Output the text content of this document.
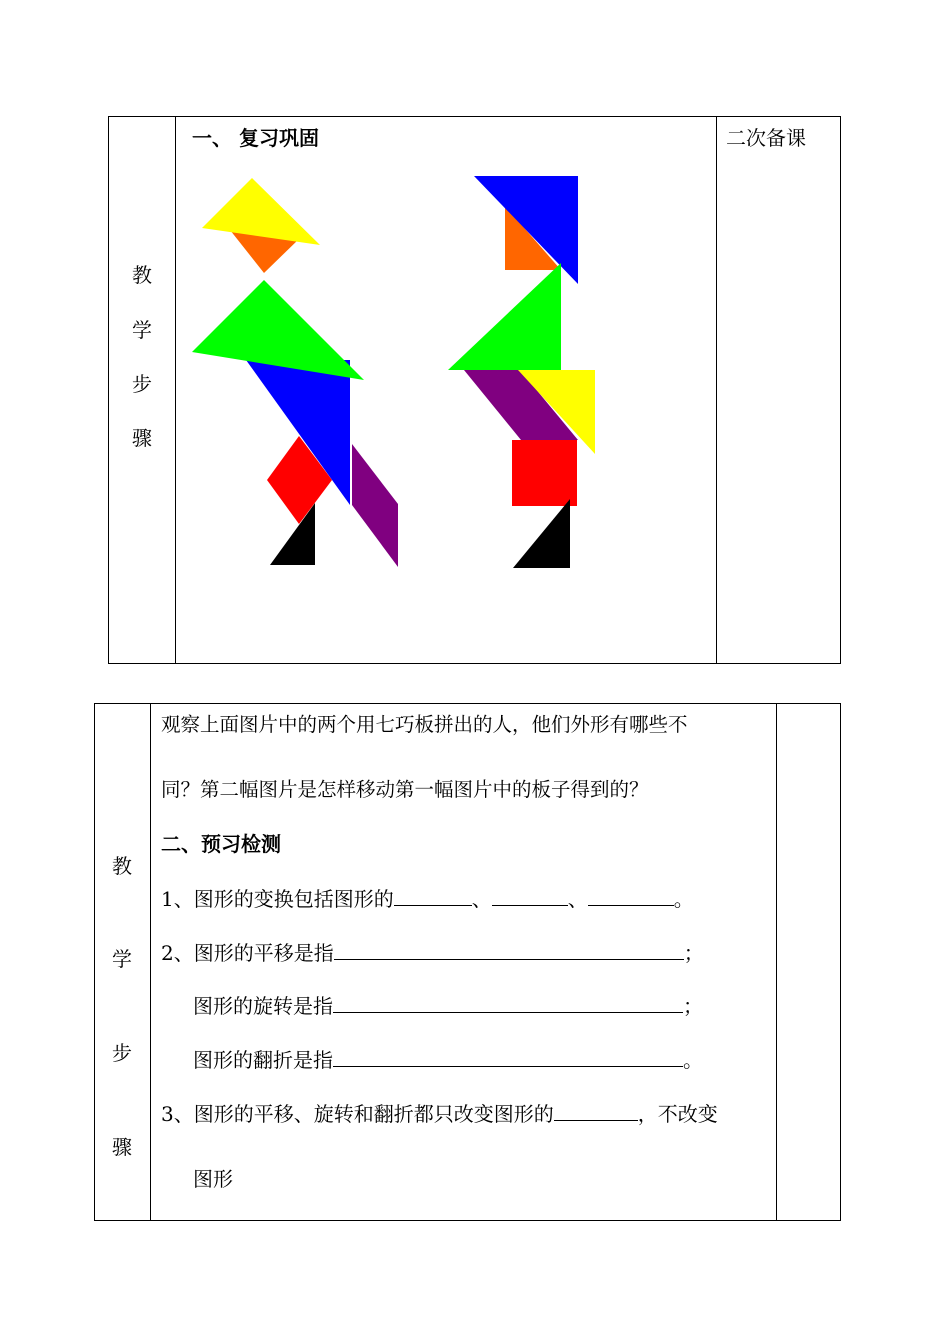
教
学
步
骤
一、 复习巩固	二次备课
教
学
步
骤
观察上面图片中的两个用七巧板拼出的人，他们外形有哪些不
同？第二幅图片是怎样移动第一幅图片中的板子得到的？
二、预习检测
1、图形的变换包括图形的	、	、	。
2、图形的平移是指	；
图形的旋转是指	；
图形的翻折是指	。
3、图形的平移、旋转和翻折都只改变图形的	，不改变
图形
